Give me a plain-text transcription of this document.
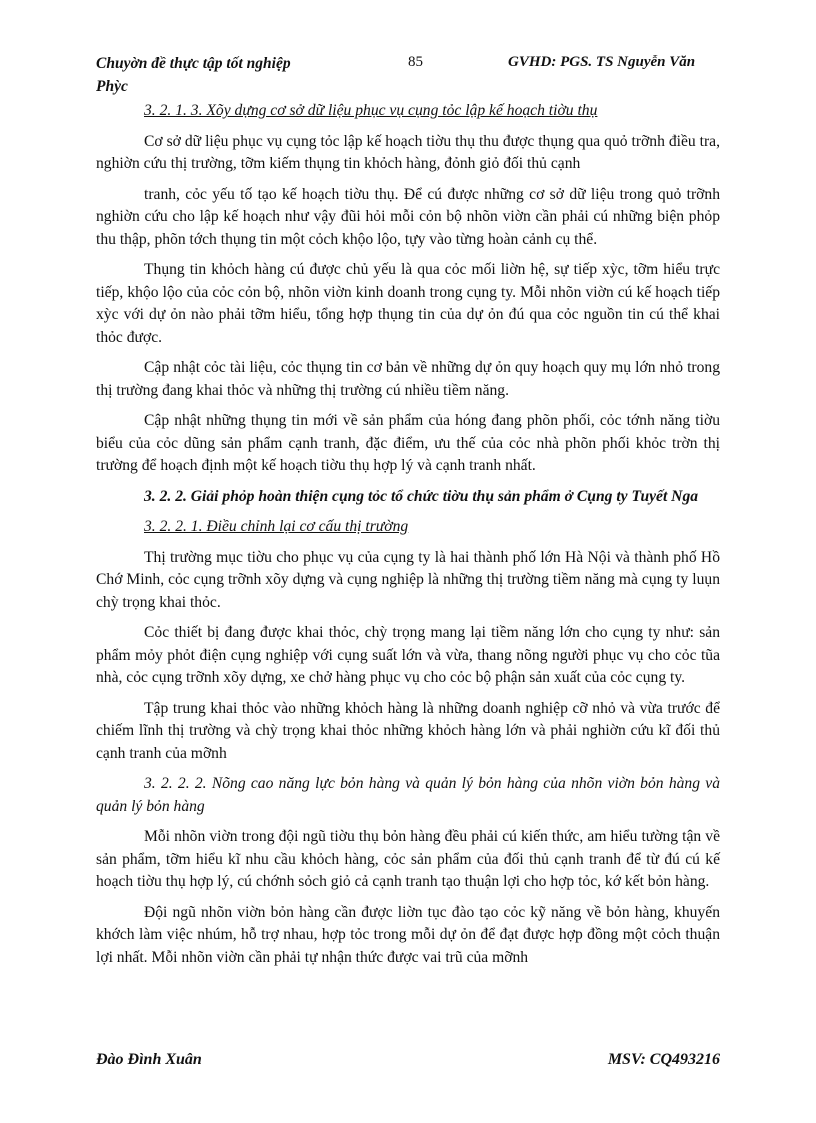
Chuyờn đề thực tập tốt nghiệp Phỳc
85	GVHD: PGS. TS Nguyễn Văn

3. 2. 1. 3. Xõy dựng cơ sở dữ liệu phục vụ cụng tỏc lập kế hoạch tiờu thụ

Cơ sở dữ liệu phục vụ cụng tỏc lập kế hoạch tiờu thụ thu được thụng qua quỏ trỡnh điều tra, nghiờn cứu thị trường, tỡm kiếm thụng tin khỏch hàng, đỏnh giỏ đối thủ cạnh

tranh, cỏc yếu tố tạo kế hoạch tiờu thụ. Để cú được những cơ sở dữ liệu trong quỏ trỡnh nghiờn cứu cho lập kế hoạch như vậy đũi hỏi mỗi cỏn bộ nhõn viờn cần phải cú những biện phỏp thu thập, phõn tớch thụng tin một cỏch khộo lộo, tựy vào từng hoàn cảnh cụ thể.

Thụng tin khỏch hàng cú được chủ yếu là qua cỏc mối liờn hệ, sự tiếp xỳc, tỡm hiểu trực tiếp, khộo lộo của cỏc cỏn bộ, nhõn viờn kinh doanh trong cụng ty. Mỗi nhõn viờn cú kế hoạch tiếp xỳc với dự ỏn nào phải tỡm hiểu, tổng hợp thụng tin của dự ỏn đú qua cỏc nguồn tin cú thể khai thỏc được.

Cập nhật cỏc tài liệu, cỏc thụng tin cơ bản về những dự ỏn quy hoạch quy mụ lớn nhỏ trong thị trường đang khai thỏc và những thị trường cú nhiều tiềm năng.

Cập nhật những thụng tin mới về sản phẩm của hóng đang phõn phối, cỏc tớnh năng tiờu biểu của cỏc dũng sản phẩm cạnh tranh, đặc điểm, ưu thế của cỏc nhà phõn phối khỏc trờn thị trường để hoạch định một kế hoạch tiờu thụ hợp lý và cạnh tranh nhất.

3. 2. 2. Giải phỏp hoàn thiện cụng tỏc tổ chức tiờu thụ sản phẩm ở Cụng ty Tuyết Nga

3. 2. 2. 1. Điều chỉnh lại cơ cấu thị trường

Thị trường mục tiờu cho phục vụ của cụng ty là hai thành phố lớn Hà Nội và thành phố Hồ Chớ Minh, cỏc cụng trỡnh xõy dựng và cụng nghiệp là những thị trường tiềm năng mà cụng ty luụn chỳ trọng khai thỏc.

Cỏc thiết bị đang được khai thỏc, chỳ trọng mang lại tiềm năng lớn cho cụng ty như: sản phẩm mỏy phỏt điện cụng nghiệp với cụng suất lớn và vừa, thang nõng người phục vụ cho cỏc tũa nhà, cỏc cụng trỡnh xõy dựng, xe chở hàng phục vụ cho cỏc bộ phận sản xuất của cỏc cụng ty.

Tập trung khai thỏc vào những khỏch hàng là những doanh nghiệp cỡ nhỏ và vừa trước để chiếm lĩnh thị trường và chỳ trọng khai thỏc những khỏch hàng lớn và phải nghiờn cứu kĩ đối thủ cạnh tranh của mỡnh

3. 2. 2. 2. Nõng cao năng lực bỏn hàng và quản lý bỏn hàng của nhõn viờn bỏn hàng và quản lý bỏn hàng

Mỗi nhõn viờn trong đội ngũ tiờu thụ bỏn hàng đều phải cú kiến thức, am hiểu tường tận về sản phẩm, tỡm hiểu kĩ nhu cầu khỏch hàng, cỏc sản phẩm của đối thủ cạnh tranh để từ đú cú kế hoạch tiờu thụ hợp lý, cú chớnh sỏch giỏ cả cạnh tranh tạo thuận lợi cho hợp tỏc, kớ kết bỏn hàng.

Đội ngũ nhõn viờn bỏn hàng cần được liờn tục đào tạo cỏc kỹ năng về bỏn hàng, khuyến khớch làm việc nhúm, hỗ trợ nhau, hợp tỏc trong mỗi dự ỏn để đạt được hợp đồng một cỏch thuận lợi nhất. Mỗi nhõn viờn cần phải tự nhận thức được vai trũ của mỡnh

Đào Đình Xuân	MSV: CQ493216
